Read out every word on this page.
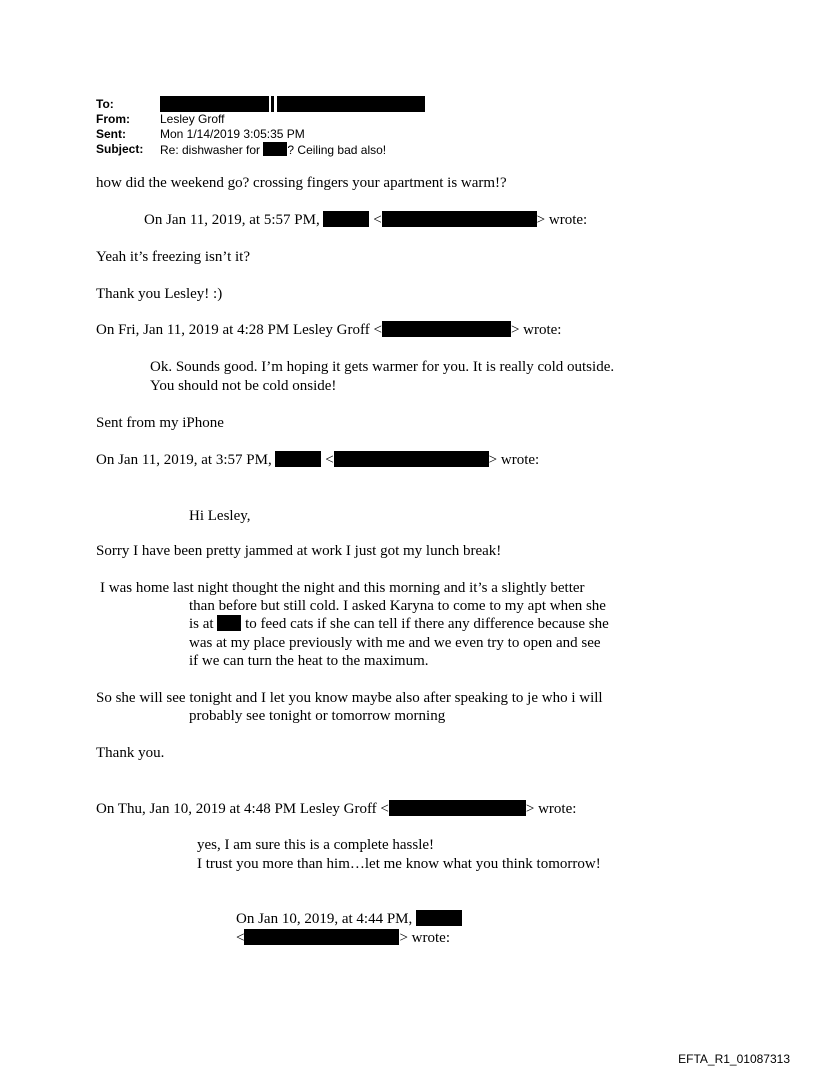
To:
From:	Lesley Groff
Sent:	Mon 1/14/2019 3:05:35 PM
Subject: Re: dishwasher for ? Ceiling bad also!
how did the weekend go? crossing fingers your apartment is warm!?
On Jan 11, 2019, at 5:57 PM,	<	> wrote:
Yeah it’s freezing isn’t it?
Thank you Lesley! :)
On Fri, Jan 11, 2019 at 4:28 PM Lesley Groff <	> wrote:
Ok. Sounds good. I’m hoping it gets warmer for you. It is really cold outside.
You should not be cold onside!
Sent from my iPhone
On Jan 11, 2019, at 3:57 PM,	<	> wrote:
Hi Lesley,
Sorry I have been pretty jammed at work I just got my lunch break!
I was home last night thought the night and this morning and it’s a slightly better
than before but still cold. I asked Karyna to come to my apt when she
is at to feed cats if she can tell if there any difference because she
was at my place previously with me and we even try to open and see
if we can turn the heat to the maximum.
So she will see tonight and I let you know maybe also after speaking to je who i will
probably see tonight or tomorrow morning
Thank you.
On Thu, Jan 10, 2019 at 4:48 PM Lesley Groff <	> wrote:
yes, I am sure this is a complete hassle!
I trust you more than him…let me know what you think tomorrow!
On Jan 10, 2019, at 4:44 PM,
<	> wrote:
EFTA_R1_01087313
